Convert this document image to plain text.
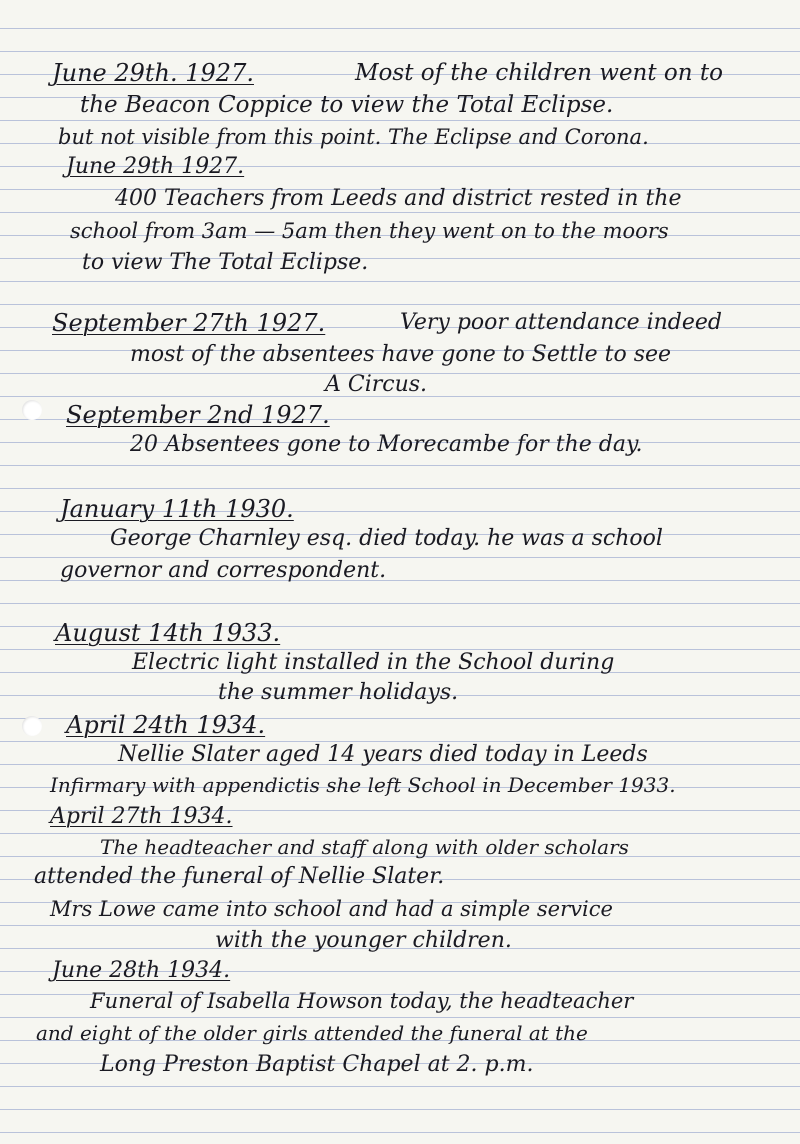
June 29th. 1927.	Most of the children went on to
the Beacon Coppice to view the Total Eclipse.
but not visible from this point. The Eclipse and Corona.
June 29th 1927.
400 Teachers from Leeds and district rested in the
school from 3am — 5am then they went on to the moors
to view The Total Eclipse.
September 27th 1927.	Very poor attendance indeed
most of the absentees have gone to Settle to see
A Circus.
September 2nd 1927.
20 Absentees gone to Morecambe for the day.
January 11th 1930.
George Charnley esq. died today. he was a school
governor and correspondent.
August 14th 1933.
Electric light installed in the School during
the summer holidays.
April 24th 1934.
Nellie Slater aged 14 years died today in Leeds
Infirmary with appendictis she left School in December 1933.
April 27th 1934.
The headteacher and staff along with older scholars
attended the funeral of Nellie Slater.
Mrs Lowe came into school and had a simple service
with the younger children.
June 28th 1934.
Funeral of Isabella Howson today, the headteacher
and eight of the older girls attended the funeral at the
Long Preston Baptist Chapel at 2. p.m.
